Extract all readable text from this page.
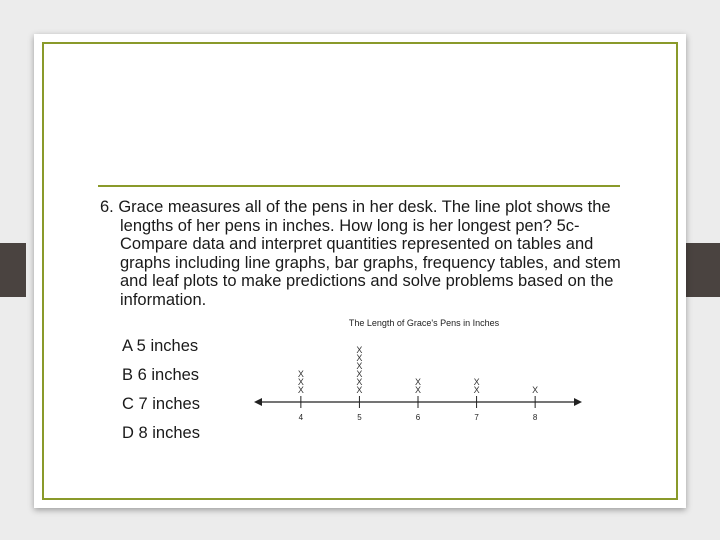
6. Grace measures all of the pens in her desk. The line plot shows the lengths of her pens in inches. How long is her longest pen? 5c- Compare data and interpret quantities represented on tables and graphs including line graphs, bar graphs, frequency tables, and stem and leaf plots to make predictions and solve problems based on the information.
A 5 inches
B 6 inches
C 7 inches
D 8 inches
The Length of Grace's Pens in Inches
4
X
X
X
5
X
X
X
X
X
X
6
X
X
7
X
X
8
X
